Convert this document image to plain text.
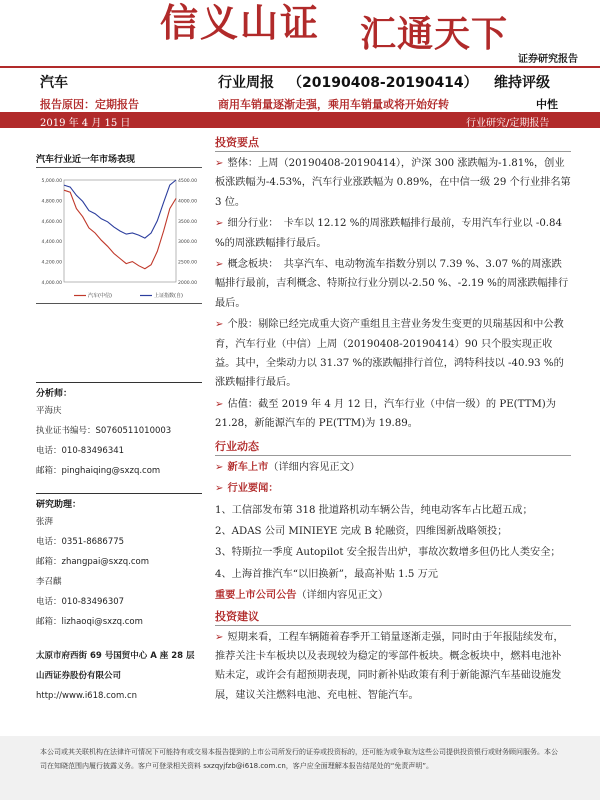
信义山证 汇通天下
证券研究报告
汽车	行业周报 （20190408-20190414） 维持评级
报告原因：定期报告	商用车销量逐渐走强，乘用车销量或将开始好转	中性
2019 年 4 月 15 日	行业研究/定期报告
汽车行业近一年市场表现
5,000.00
4,800.00
4,600.00
4,400.00
4,200.00
4,000.00
4500.00
4000.00
3500.00
3000.00
2500.00
2000.00
汽车(中信)	上证指数(自)
分析师：
平海庆
执业证书编号：S0760511010003
电话：010-83496341
邮箱：pinghaiqing@sxzq.com
研究助理：
张湃
电话：0351-8686775
邮箱：zhangpai@sxzq.com
李召麒
电话：010-83496307
邮箱：lizhaoqi@sxzq.com
太原市府西街 69 号国贸中心 A 座 28 层
山西证券股份有限公司
http://www.i618.com.cn
投资要点
➢ 整体：上周（20190408-20190414），沪深 300 涨跌幅为-1.81%，创业板涨跌幅为-4.53%，汽车行业涨跌幅为 0.89%，在中信一级 29 个行业排名第 3 位。
➢ 细分行业：　卡车以 12.12 %的周涨跌幅排行最前，专用汽车行业以 -0.84 %的周涨跌幅排行最后。
➢ 概念板块：　共享汽车、电动物流车指数分别以 7.39 %、3.07 %的周涨跌幅排行最前，吉利概念、特斯拉行业分别以-2.50 %、-2.19 %的周涨跌幅排行最后。
➢ 个股：剔除已经完成重大资产重组且主营业务发生变更的贝瑞基因和中公教育，汽车行业（中信）上周（20190408-20190414）90 只个股实现正收益。其中，全柴动力以 31.37 %的涨跌幅排行首位，鸿特科技以 -40.93 %的涨跌幅排行最后。
➢ 估值：截至 2019 年 4 月 12 日，汽车行业（中信一级）的 PE(TTM)为 21.28，新能源汽车的 PE(TTM)为 19.89。
行业动态
➢ 新车上市（详细内容见正文）
➢ 行业要闻：
1、工信部发布第 318 批道路机动车辆公告，纯电动客车占比超五成；
2、ADAS 公司 MINIEYE 完成 B 轮融资，四维图新战略领投；
3、特斯拉一季度 Autopilot 安全报告出炉，事故次数增多但仍比人类安全；
4、上海首推汽车“以旧换新”，最高补贴 1.5 万元
重要上市公司公告（详细内容见正文）
投资建议
➢ 短期来看，工程车辆随着春季开工销量逐渐走强，同时由于年报陆续发布，推荐关注卡车板块以及表现较为稳定的零部件板块。概念板块中，燃料电池补贴未定，或许会有超预期表现，同时新补贴政策有利于新能源汽车基础设施发展，建议关注燃料电池、充电桩、智能汽车。
本公司或其关联机构在法律许可情况下可能持有或交易本报告提到的上市公司所发行的证券或投资标的，还可能为或争取为这些公司提供投资银行或财务顾问服务。本公司在知晓范围内履行披露义务。客户可登录相关资料 sxzqyjfzb@i618.com.cn，客户应全面理解本报告结尾处的“免责声明”。
